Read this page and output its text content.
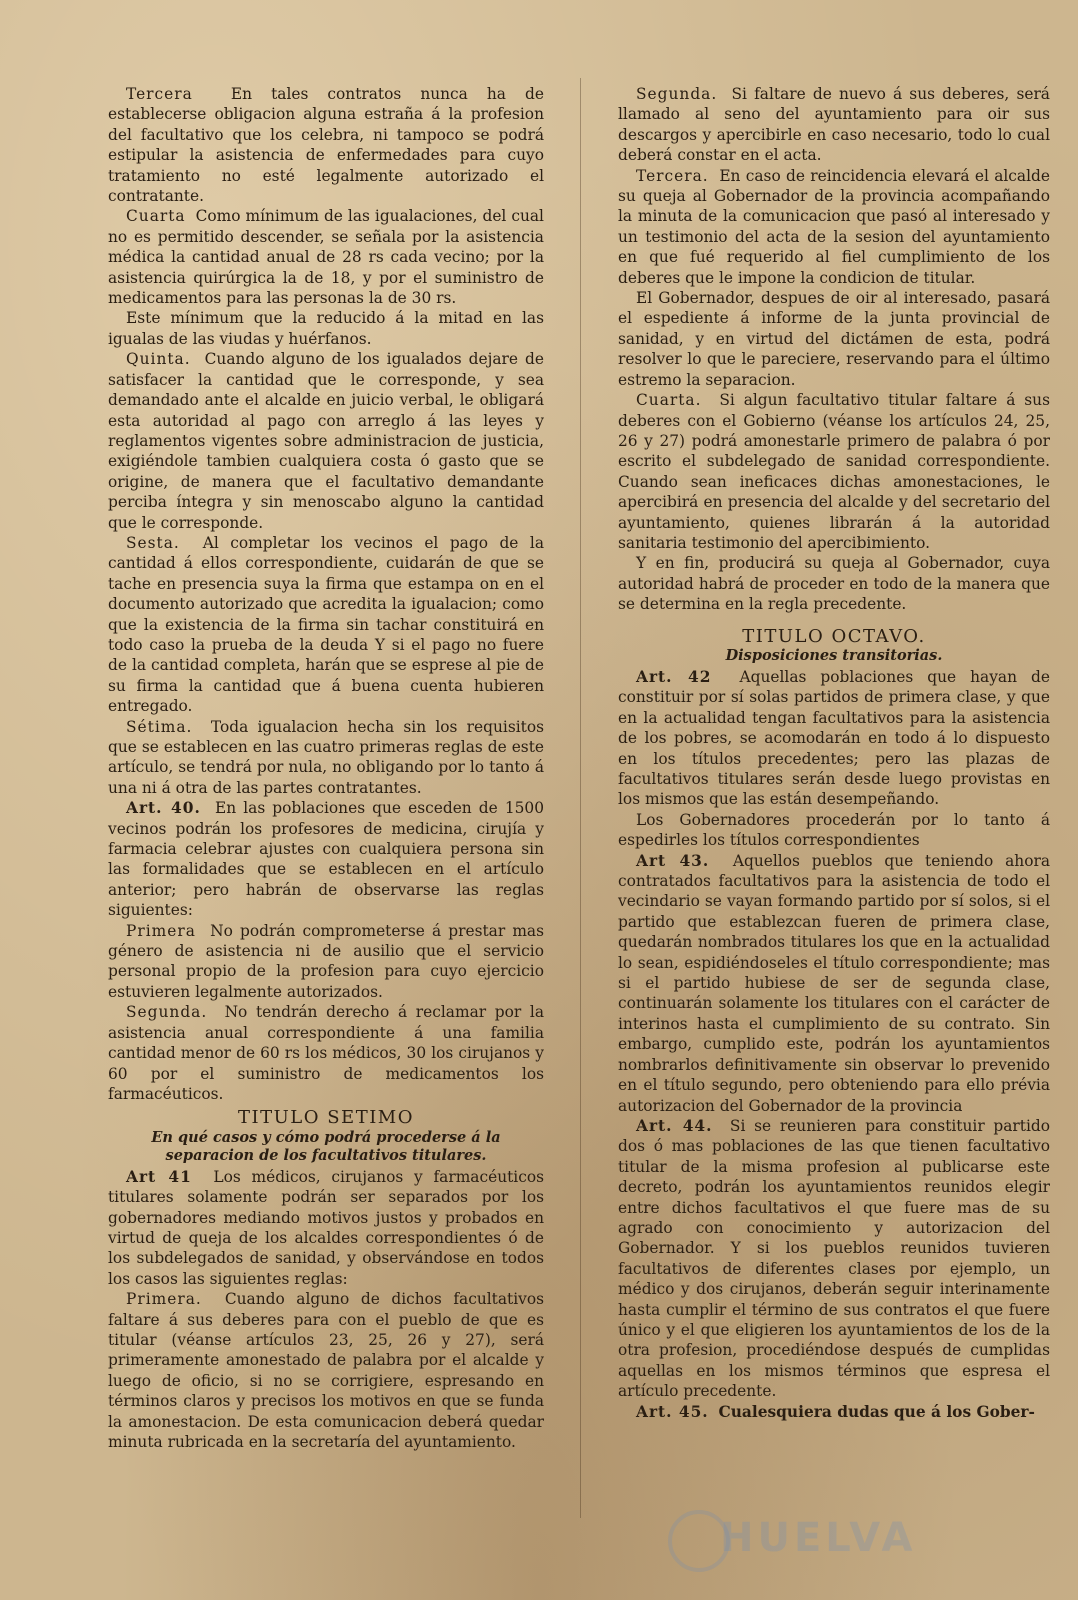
Tercera En tales contratos nunca ha de establecerse obligacion alguna estraña á la profesion del facultativo que los celebra, ni tampoco se podrá estipular la asistencia de enfermedades para cuyo tratamiento no esté legalmente autorizado el contratante.

Cuarta Como mínimum de las igualaciones, del cual no es permitido descender, se señala por la asistencia médica la cantidad anual de 28 rs cada vecino; por la asistencia quirúrgica la de 18, y por el suministro de medicamentos para las personas la de 30 rs.

Este mínimum que la reducido á la mitad en las igualas de las viudas y huérfanos.

Quinta. Cuando alguno de los igualados dejare de satisfacer la cantidad que le corresponde, y sea demandado ante el alcalde en juicio verbal, le obligará esta autoridad al pago con arreglo á las leyes y reglamentos vigentes sobre administracion de justicia, exigiéndole tambien cualquiera costa ó gasto que se origine, de manera que el facultativo demandante perciba íntegra y sin menoscabo alguno la cantidad que le corresponde.

Sesta. Al completar los vecinos el pago de la cantidad á ellos correspondiente, cuidarán de que se tache en presencia suya la firma que estampa on en el documento autorizado que acredita la igualacion; como que la existencia de la firma sin tachar constituirá en todo caso la prueba de la deuda Y si el pago no fuere de la cantidad completa, harán que se esprese al pie de su firma la cantidad que á buena cuenta hubieren entregado.

Sétima. Toda igualacion hecha sin los requisitos que se establecen en las cuatro primeras reglas de este artículo, se tendrá por nula, no obligando por lo tanto á una ni á otra de las partes contratantes.

Art. 40. En las poblaciones que esceden de 1500 vecinos podrán los profesores de medicina, cirujía y farmacia celebrar ajustes con cualquiera persona sin las formalidades que se establecen en el artículo anterior; pero habrán de observarse las reglas siguientes:

Primera No podrán comprometerse á prestar mas género de asistencia ni de ausilio que el servicio personal propio de la profesion para cuyo ejercicio estuvieren legalmente autorizados.

Segunda. No tendrán derecho á reclamar por la asistencia anual correspondiente á una familia cantidad menor de 60 rs los médicos, 30 los cirujanos y 60 por el suministro de medicamentos los farmacéuticos.

TITULO SETIMO

En qué casos y cómo podrá procederse á la separacion de los facultativos titulares.

Art 41 Los médicos, cirujanos y farmacéuticos titulares solamente podrán ser separados por los gobernadores mediando motivos justos y probados en virtud de queja de los alcaldes correspondientes ó de los subdelegados de sanidad, y observándose en todos los casos las siguientes reglas:

Primera. Cuando alguno de dichos facultativos faltare á sus deberes para con el pueblo de que es titular (véanse artículos 23, 25, 26 y 27), será primeramente amonestado de palabra por el alcalde y luego de oficio, si no se corrigiere, espresando en términos claros y precisos los motivos en que se funda la amonestacion. De esta comunicacion deberá quedar minuta rubricada en la secretaría del ayuntamiento.

Segunda. Si faltare de nuevo á sus deberes, será llamado al seno del ayuntamiento para oir sus descargos y apercibirle en caso necesario, todo lo cual deberá constar en el acta.

Tercera. En caso de reincidencia elevará el alcalde su queja al Gobernador de la provincia acompañando la minuta de la comunicacion que pasó al interesado y un testimonio del acta de la sesion del ayuntamiento en que fué requerido al fiel cumplimiento de los deberes que le impone la condicion de titular.

El Gobernador, despues de oir al interesado, pasará el espediente á informe de la junta provincial de sanidad, y en virtud del dictámen de esta, podrá resolver lo que le pareciere, reservando para el último estremo la separacion.

Cuarta. Si algun facultativo titular faltare á sus deberes con el Gobierno (véanse los artículos 24, 25, 26 y 27) podrá amonestarle primero de palabra ó por escrito el subdelegado de sanidad correspondiente. Cuando sean ineficaces dichas amonestaciones, le apercibirá en presencia del alcalde y del secretario del ayuntamiento, quienes librarán á la autoridad sanitaria testimonio del apercibimiento.

Y en fin, producirá su queja al Gobernador, cuya autoridad habrá de proceder en todo de la manera que se determina en la regla precedente.

TITULO OCTAVO.

Disposiciones transitorias.

Art. 42 Aquellas poblaciones que hayan de constituir por sí solas partidos de primera clase, y que en la actualidad tengan facultativos para la asistencia de los pobres, se acomodarán en todo á lo dispuesto en los títulos precedentes; pero las plazas de facultativos titulares serán desde luego provistas en los mismos que las están desempeñando.

Los Gobernadores procederán por lo tanto á espedirles los títulos correspondientes

Art 43. Aquellos pueblos que teniendo ahora contratados facultativos para la asistencia de todo el vecindario se vayan formando partido por sí solos, si el partido que establezcan fueren de primera clase, quedarán nombrados titulares los que en la actualidad lo sean, espidiéndoseles el título correspondiente; mas si el partido hubiese de ser de segunda clase, continuarán solamente los titulares con el carácter de interinos hasta el cumplimiento de su contrato. Sin embargo, cumplido este, podrán los ayuntamientos nombrarlos definitivamente sin observar lo prevenido en el título segundo, pero obteniendo para ello prévia autorizacion del Gobernador de la provincia

Art. 44. Si se reunieren para constituir partido dos ó mas poblaciones de las que tienen facultativo titular de la misma profesion al publicarse este decreto, podrán los ayuntamientos reunidos elegir entre dichos facultativos el que fuere mas de su agrado con conocimiento y autorizacion del Gobernador. Y si los pueblos reunidos tuvieren facultativos de diferentes clases por ejemplo, un médico y dos cirujanos, deberán seguir interinamente hasta cumplir el término de sus contratos el que fuere único y el que eligieren los ayuntamientos de los de la otra profesion, procediéndose después de cumplidas aquellas en los mismos términos que espresa el artículo precedente.

Art. 45. Cualesquiera dudas que á los Gober-

HUELVA
